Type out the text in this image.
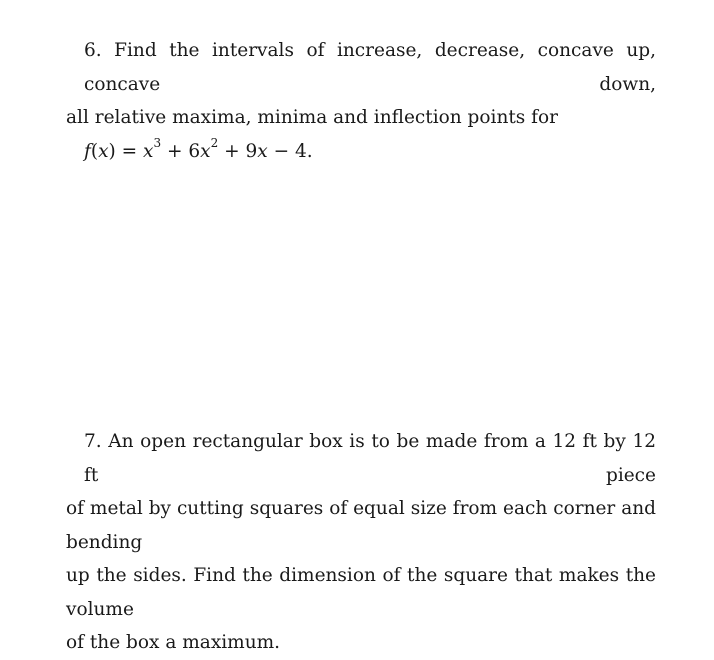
6. Find the intervals of increase, decrease, concave up, concave down,
all relative maxima, minima and inflection points for
$f(x) = x^3 + 6x^2 + 9x - 4$.
7. An open rectangular box is to be made from a 12 ft by 12 ft piece
of metal by cutting squares of equal size from each corner and bending
up the sides. Find the dimension of the square that makes the volume
of the box a maximum.
